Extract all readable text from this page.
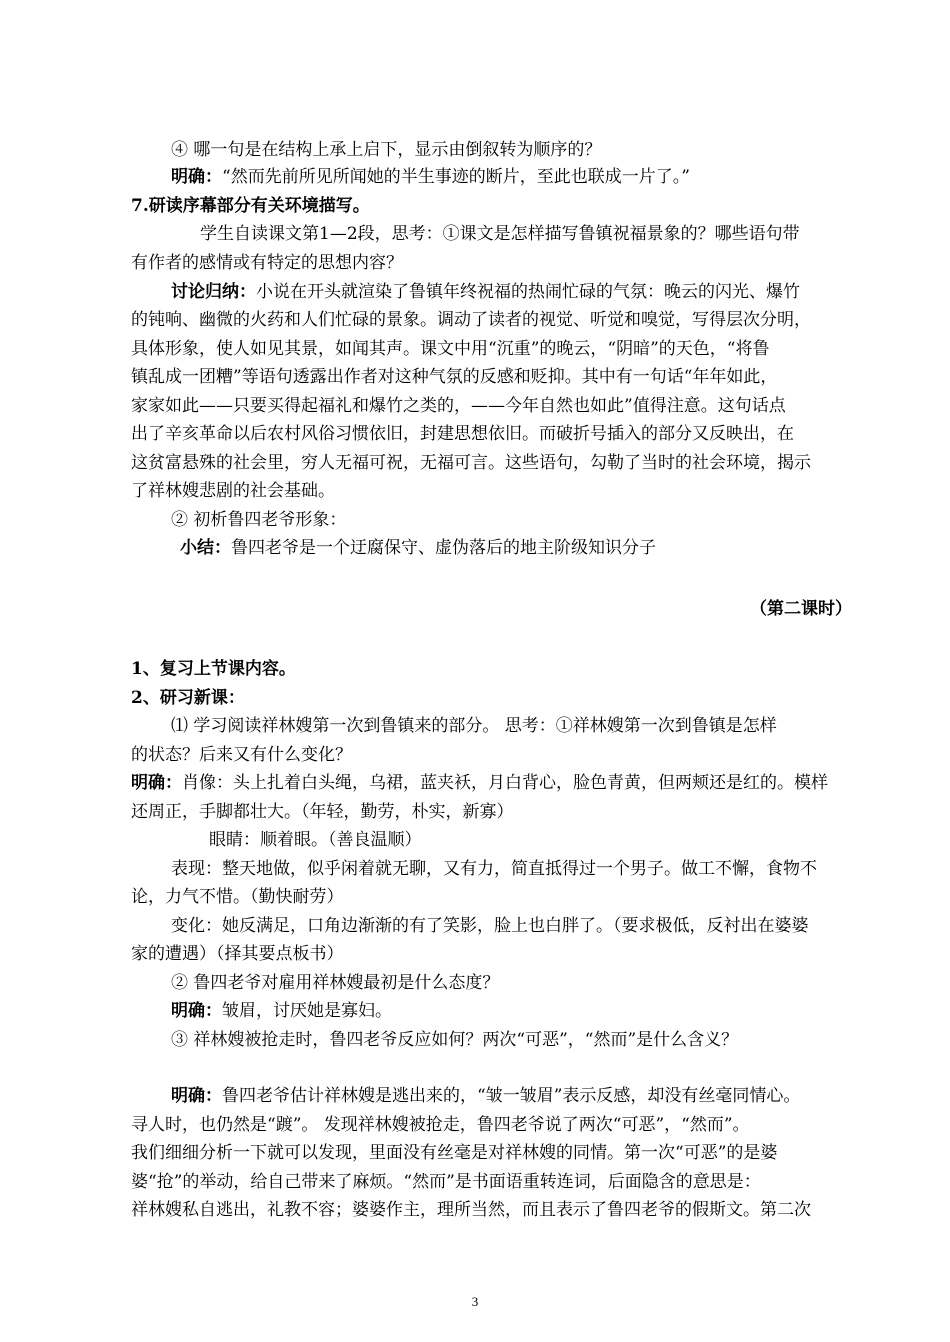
④ 哪一句是在结构上承上启下，显示由倒叙转为顺序的？
明确：“然而先前所见所闻她的半生事迹的断片，至此也联成一片了。”
7.研读序幕部分有关环境描写。
学生自读课文第1—2段，思考：①课文是怎样描写鲁镇祝福景象的？哪些语句带
有作者的感情或有特定的思想内容？
讨论归纳：小说在开头就渲染了鲁镇年终祝福的热闹忙碌的气氛：晚云的闪光、爆竹
的钝响、幽微的火药和人们忙碌的景象。调动了读者的视觉、听觉和嗅觉，写得层次分明，
具体形象，使人如见其景，如闻其声。课文中用“沉重”的晚云，“阴暗”的天色，“将鲁
镇乱成一团糟”等语句透露出作者对这种气氛的反感和贬抑。其中有一句话“年年如此，
家家如此——只要买得起福礼和爆竹之类的，——今年自然也如此”值得注意。这句话点
出了辛亥革命以后农村风俗习惯依旧，封建思想依旧。而破折号插入的部分又反映出，在
这贫富悬殊的社会里，穷人无福可祝，无福可言。这些语句，勾勒了当时的社会环境，揭示
了祥林嫂悲剧的社会基础。
② 初析鲁四老爷形象：
小结：鲁四老爷是一个迂腐保守、虚伪落后的地主阶级知识分子
（第二课时）
1、复习上节课内容。
2、研习新课：
⑴ 学习阅读祥林嫂第一次到鲁镇来的部分。 思考：①祥林嫂第一次到鲁镇是怎样
的状态？后来又有什么变化？
明确：肖像：头上扎着白头绳，乌裙，蓝夹袄，月白背心，脸色青黄，但两颊还是红的。模样
还周正，手脚都壮大。（年轻，勤劳，朴实，新寡）
眼睛：顺着眼。（善良温顺）
表现：整天地做，似乎闲着就无聊，又有力，简直抵得过一个男子。做工不懈，食物不
论，力气不惜。（勤快耐劳）
变化：她反满足，口角边渐渐的有了笑影，脸上也白胖了。（要求极低，反衬出在婆婆
家的遭遇）（择其要点板书）
② 鲁四老爷对雇用祥林嫂最初是什么态度？
明确：皱眉，讨厌她是寡妇。
③ 祥林嫂被抢走时，鲁四老爷反应如何？两次“可恶”，“然而”是什么含义？
明确：鲁四老爷估计祥林嫂是逃出来的，“皱一皱眉”表示反感，却没有丝毫同情心。
寻人时，也仍然是“踱”。 发现祥林嫂被抢走，鲁四老爷说了两次“可恶”，“然而”。
我们细细分析一下就可以发现，里面没有丝毫是对祥林嫂的同情。第一次“可恶”的是婆
婆“抢”的举动，给自己带来了麻烦。“然而”是书面语重转连词，后面隐含的意思是：
祥林嫂私自逃出，礼教不容；婆婆作主，理所当然，而且表示了鲁四老爷的假斯文。第二次
3
